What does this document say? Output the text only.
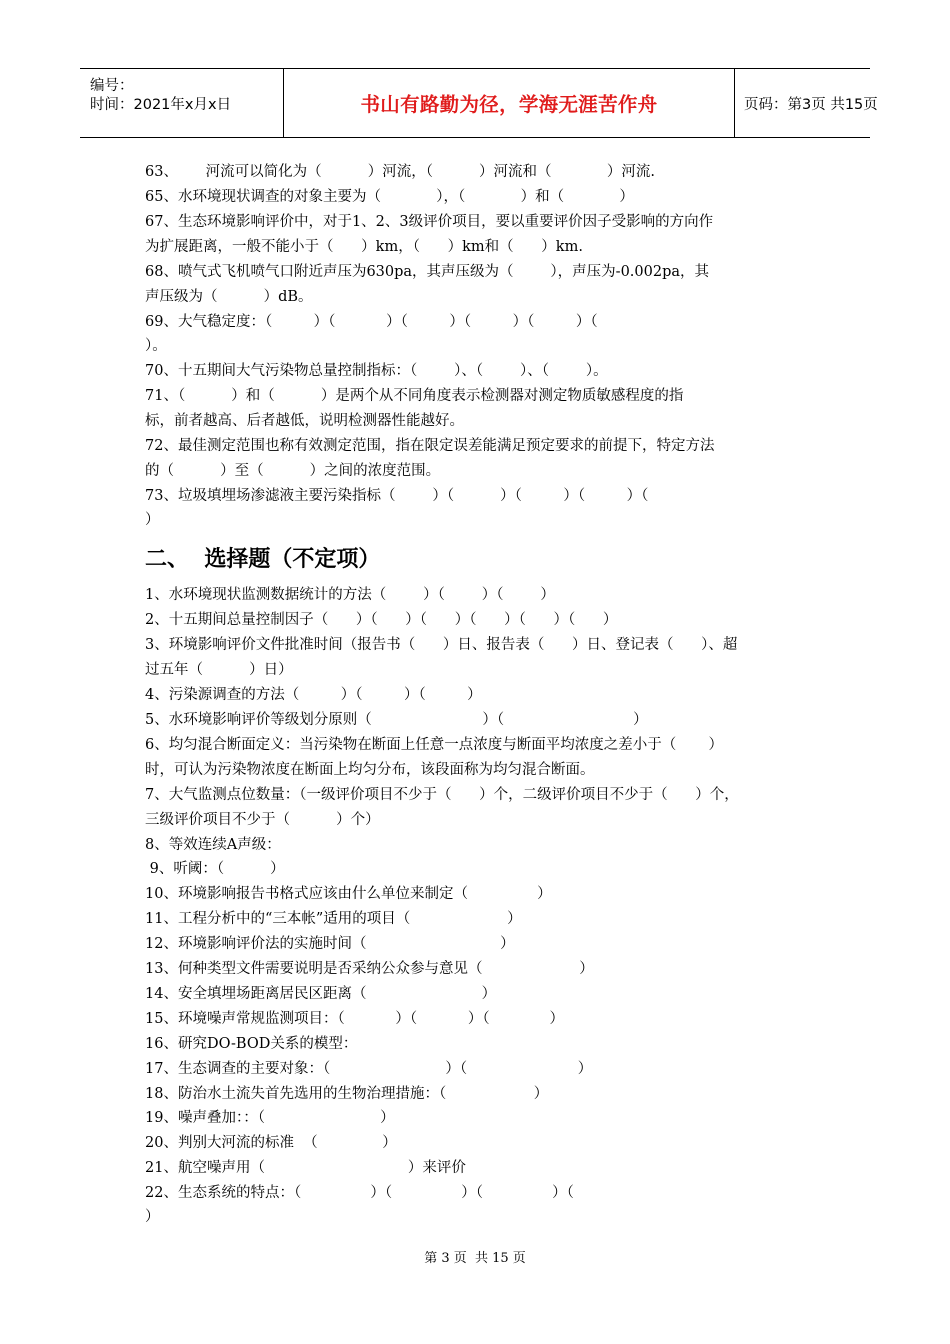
编号：
时间：2021年x月x日	书山有路勤为径，学海无涯苦作舟	页码：第3页 共15页
63、      河流可以简化为（          ）河流，（          ）河流和（            ）河流.
65、水环境现状调查的对象主要为（            ），（            ）和（            ）
67、生态环境影响评价中，对于1、2、3级评价项目，要以重要评价因子受影响的方向作
为扩展距离，一般不能小于（      ）km，（      ）km和（      ）km.
68、喷气式飞机喷气口附近声压为630pa，其声压级为（        ），声压为-0.002pa，其
声压级为（          ）dB。
69、大气稳定度：（         ）（           ）（         ）（         ）（         ）（
）。
70、十五期间大气污染物总量控制指标：（        ）、（        ）、（        ）。
71、（          ）和（          ）是两个从不同角度表示检测器对测定物质敏感程度的指
标，前者越高、后者越低，说明检测器性能越好。
72、最佳测定范围也称有效测定范围，指在限定误差能满足预定要求的前提下，特定方法
的（          ）至（          ）之间的浓度范围。
73、垃圾填埋场渗滤液主要污染指标（        ）（          ）（         ）（         ）（
）
二、  选择题（不定项）
1、水环境现状监测数据统计的方法（        ）（        ）（        ）
2、十五期间总量控制因子（      ）（      ）（      ）（      ）（      ）（      ）
3、环境影响评价文件批准时间（报告书（      ）日、报告表（      ）日、登记表（      ）、超
过五年（          ）日）
4、污染源调查的方法（         ）（         ）（         ）
5、水环境影响评价等级划分原则（                        ）（                            ）
6、均匀混合断面定义：当污染物在断面上任意一点浓度与断面平均浓度之差小于（       ）
时，可认为污染物浓度在断面上均匀分布，该段面称为均匀混合断面。
7、大气监测点位数量：（一级评价项目不少于（      ）个，二级评价项目不少于（      ）个，
三级评价项目不少于（          ）个）
8、等效连续A声级：
9、听阈：（          ）
10、环境影响报告书格式应该由什么单位来制定（               ）
11、工程分析中的“三本帐”适用的项目（                     ）
12、环境影响评价法的实施时间（                             ）
13、何种类型文件需要说明是否采纳公众参与意见（                     ）
14、安全填埋场距离居民区距离（                         ）
15、环境噪声常规监测项目：（           ）（           ）（             ）
16、研究DO-BOD关系的模型：
17、生态调查的主要对象：（                         ）（                        ）
18、防治水土流失首先选用的生物治理措施：（                   ）
19、噪声叠加：：（                         ）
20、判别大河流的标准  （              ）
21、航空噪声用（                               ）来评价
22、生态系统的特点：（               ）（               ）（               ）（
）
第 3 页  共 15 页
